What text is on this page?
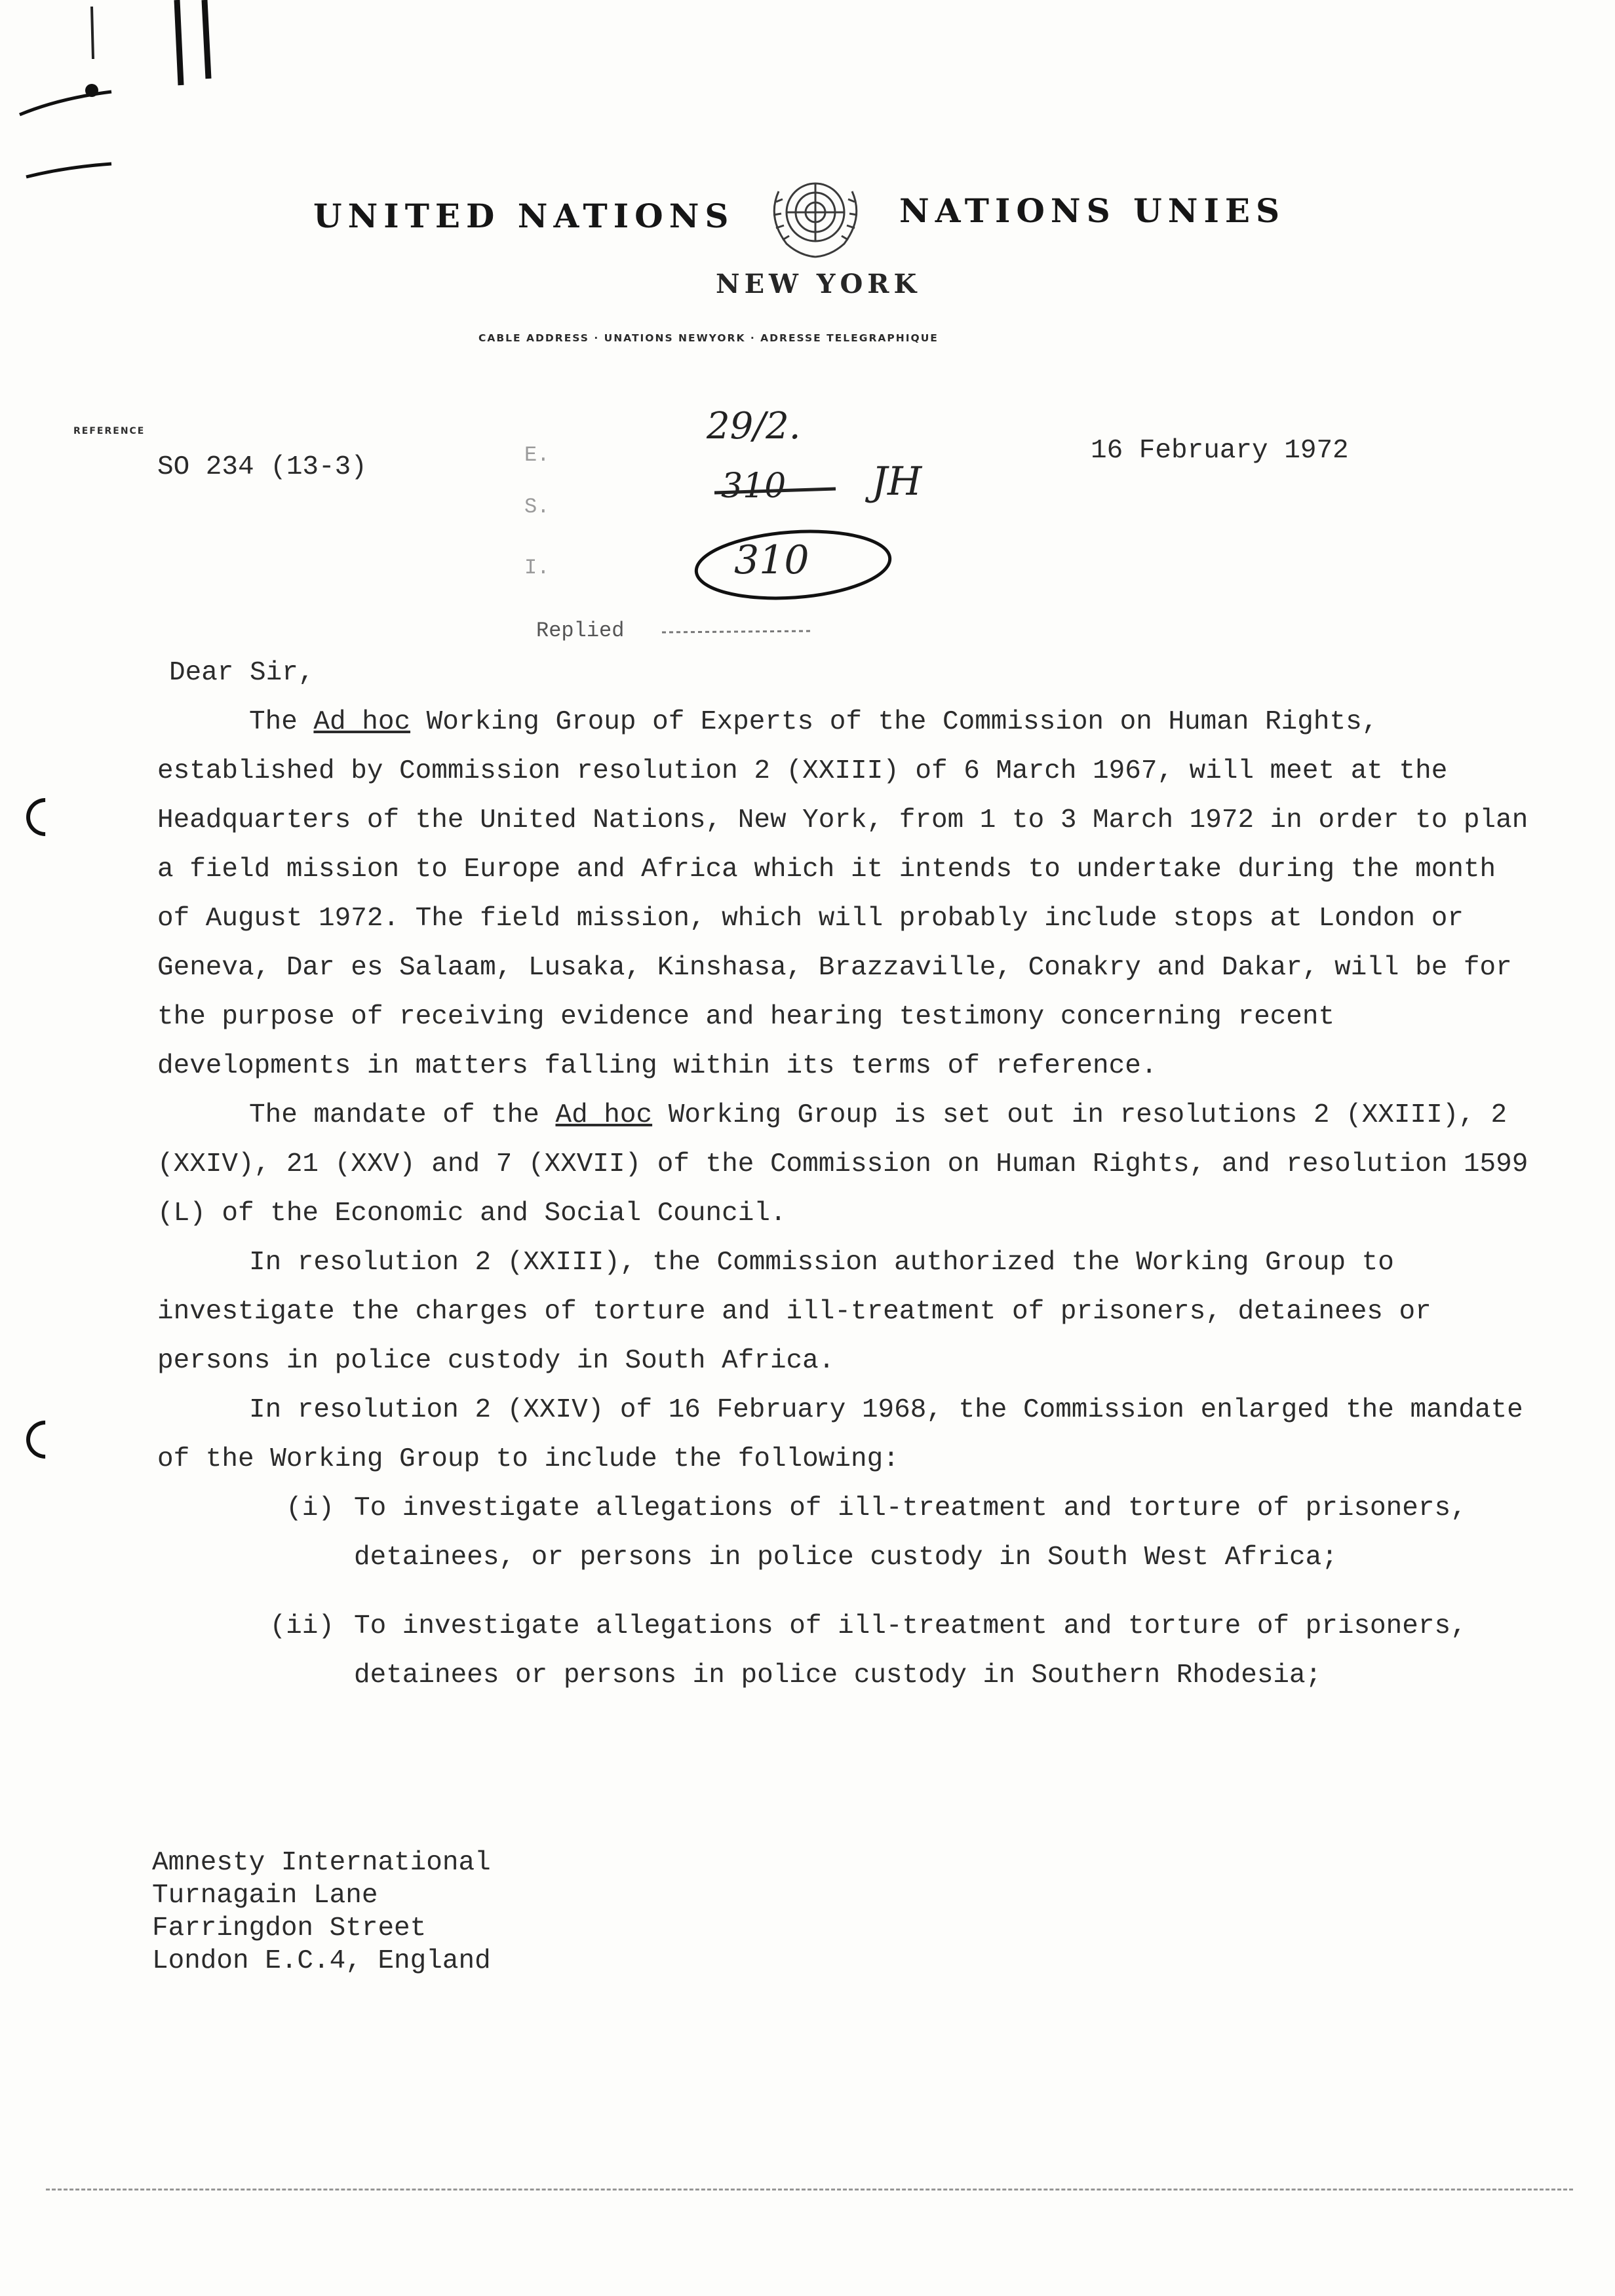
UNITED NATIONS	NATIONS UNIES
NEW YORK
CABLE ADDRESS · UNATIONS NEWYORK · ADRESSE TELEGRAPHIQUE
REFERENCE
SO 234 (13-3)	E.
S.
I.
Replied
29/2.
310 JH
310
16 February 1972

Dear Sir,

The Ad hoc Working Group of Experts of the Commission on Human Rights, established by Commission resolution 2 (XXIII) of 6 March 1967, will meet at the Headquarters of the United Nations, New York, from 1 to 3 March 1972 in order to plan a field mission to Europe and Africa which it intends to undertake during the month of August 1972. The field mission, which will probably include stops at London or Geneva, Dar es Salaam, Lusaka, Kinshasa, Brazzaville, Conakry and Dakar, will be for the purpose of receiving evidence and hearing testimony concerning recent developments in matters falling within its terms of reference.

The mandate of the Ad hoc Working Group is set out in resolutions 2 (XXIII), 2 (XXIV), 21 (XXV) and 7 (XXVII) of the Commission on Human Rights, and resolution 1599 (L) of the Economic and Social Council.

In resolution 2 (XXIII), the Commission authorized the Working Group to investigate the charges of torture and ill-treatment of prisoners, detainees or persons in police custody in South Africa.

In resolution 2 (XXIV) of 16 February 1968, the Commission enlarged the mandate of the Working Group to include the following:

(i) To investigate allegations of ill-treatment and torture of prisoners, detainees, or persons in police custody in South West Africa;
(ii) To investigate allegations of ill-treatment and torture of prisoners, detainees or persons in police custody in Southern Rhodesia;
Amnesty International
Turnagain Lane
Farringdon Street
London E.C.4, England
